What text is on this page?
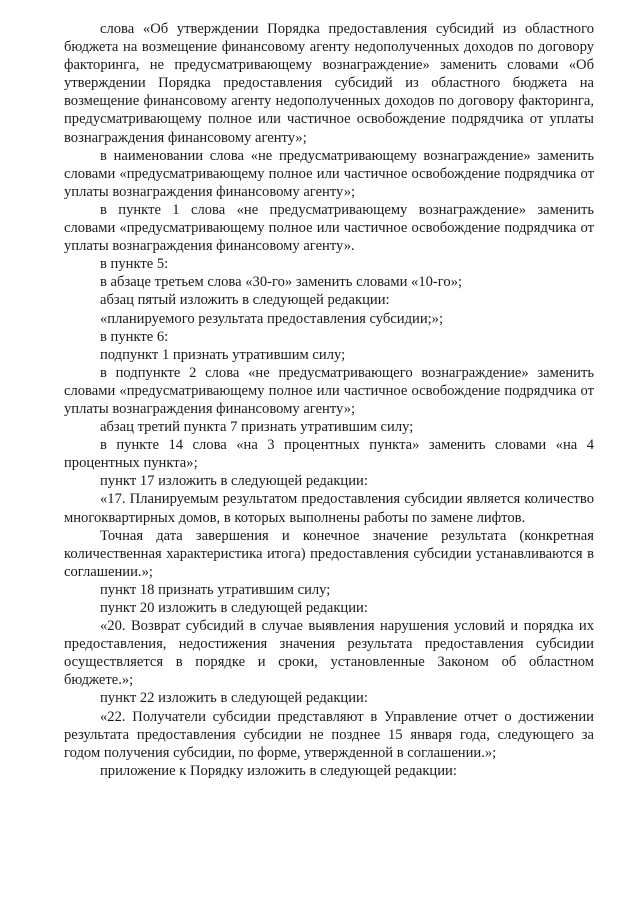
слова «Об утверждении Порядка предоставления субсидий из областного бюджета на возмещение финансовому агенту недополученных доходов по договору факторинга, не предусматривающему вознаграждение» заменить словами «Об утверждении Порядка предоставления субсидий из областного бюджета на возмещение финансовому агенту недополученных доходов по договору факторинга, предусматривающему полное или частичное освобождение подрядчика от уплаты вознаграждения финансовому агенту»;

в наименовании слова «не предусматривающему вознаграждение» заменить словами «предусматривающему полное или частичное освобождение подрядчика от уплаты вознаграждения финансовому агенту»;

в пункте 1 слова «не предусматривающему вознаграждение» заменить словами «предусматривающему полное или частичное освобождение подрядчика от уплаты вознаграждения финансовому агенту».

в пункте 5:

в абзаце третьем слова «30-го» заменить словами «10-го»;

абзац пятый изложить в следующей редакции:

«планируемого результата предоставления субсидии;»;

в пункте 6:

подпункт 1 признать утратившим силу;

в подпункте 2 слова «не предусматривающего вознаграждение» заменить словами «предусматривающему полное или частичное освобождение подрядчика от уплаты вознаграждения финансовому агенту»;

абзац третий пункта 7 признать утратившим силу;

в пункте 14 слова «на 3 процентных пункта» заменить словами «на 4 процентных пункта»;

пункт 17 изложить в следующей редакции:

«17. Планируемым результатом предоставления субсидии является количество многоквартирных домов, в которых выполнены работы по замене лифтов.

Точная дата завершения и конечное значение результата (конкретная количественная характеристика итога) предоставления субсидии устанавливаются в соглашении.»;

пункт 18 признать утратившим силу;

пункт 20 изложить в следующей редакции:

«20. Возврат субсидий в случае выявления нарушения условий и порядка их предоставления, недостижения значения результата предоставления субсидии осуществляется в порядке и сроки, установленные Законом об областном бюджете.»;

пункт 22 изложить в следующей редакции:

«22. Получатели субсидии представляют в Управление отчет о достижении результата предоставления субсидии не позднее 15 января года, следующего за годом получения субсидии, по форме, утвержденной в соглашении.»;

приложение к Порядку изложить в следующей редакции:
